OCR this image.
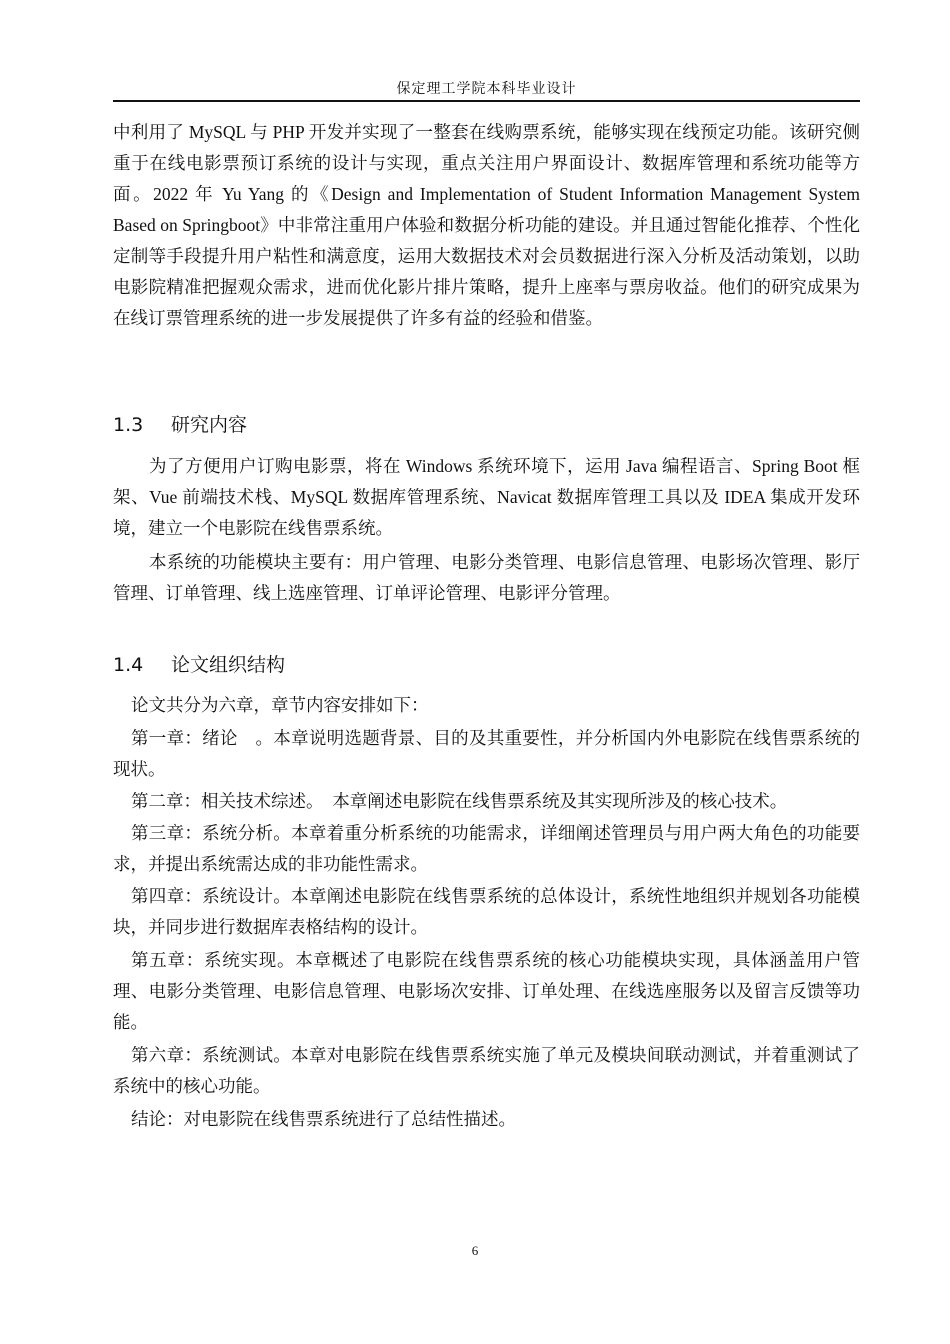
保定理工学院本科毕业设计

中利用了 MySQL 与 PHP 开发并实现了一整套在线购票系统，能够实现在线预定功能。该研究侧重于在线电影票预订系统的设计与实现，重点关注用户界面设计、数据库管理和系统功能等方面。2022 年 Yu Yang 的《Design and Implementation of Student Information Management System Based on Springboot》中非常注重用户体验和数据分析功能的建设。并且通过智能化推荐、个性化定制等手段提升用户粘性和满意度，运用大数据技术对会员数据进行深入分析及活动策划，以助电影院精准把握观众需求，进而优化影片排片策略，提升上座率与票房收益。他们的研究成果为在线订票管理系统的进一步发展提供了许多有益的经验和借鉴。

1.3 研究内容

为了方便用户订购电影票，将在 Windows 系统环境下，运用 Java 编程语言、Spring Boot 框架、Vue 前端技术栈、MySQL 数据库管理系统、Navicat 数据库管理工具以及 IDEA 集成开发环境，建立一个电影院在线售票系统。

本系统的功能模块主要有：用户管理、电影分类管理、电影信息管理、电影场次管理、影厅管理、订单管理、线上选座管理、订单评论管理、电影评分管理。

1.4 论文组织结构

论文共分为六章，章节内容安排如下：

第一章：绪论　。本章说明选题背景、目的及其重要性，并分析国内外电影院在线售票系统的现状。

第二章：相关技术综述。　本章阐述电影院在线售票系统及其实现所涉及的核心技术。

第三章：系统分析。本章着重分析系统的功能需求，详细阐述管理员与用户两大角色的功能要求，并提出系统需达成的非功能性需求。

第四章：系统设计。本章阐述电影院在线售票系统的总体设计，系统性地组织并规划各功能模块，并同步进行数据库表格结构的设计。

第五章：系统实现。本章概述了电影院在线售票系统的核心功能模块实现，具体涵盖用户管理、电影分类管理、电影信息管理、电影场次安排、订单处理、在线选座服务以及留言反馈等功能。

第六章：系统测试。本章对电影院在线售票系统实施了单元及模块间联动测试，并着重测试了系统中的核心功能。

结论：对电影院在线售票系统进行了总结性描述。

6
